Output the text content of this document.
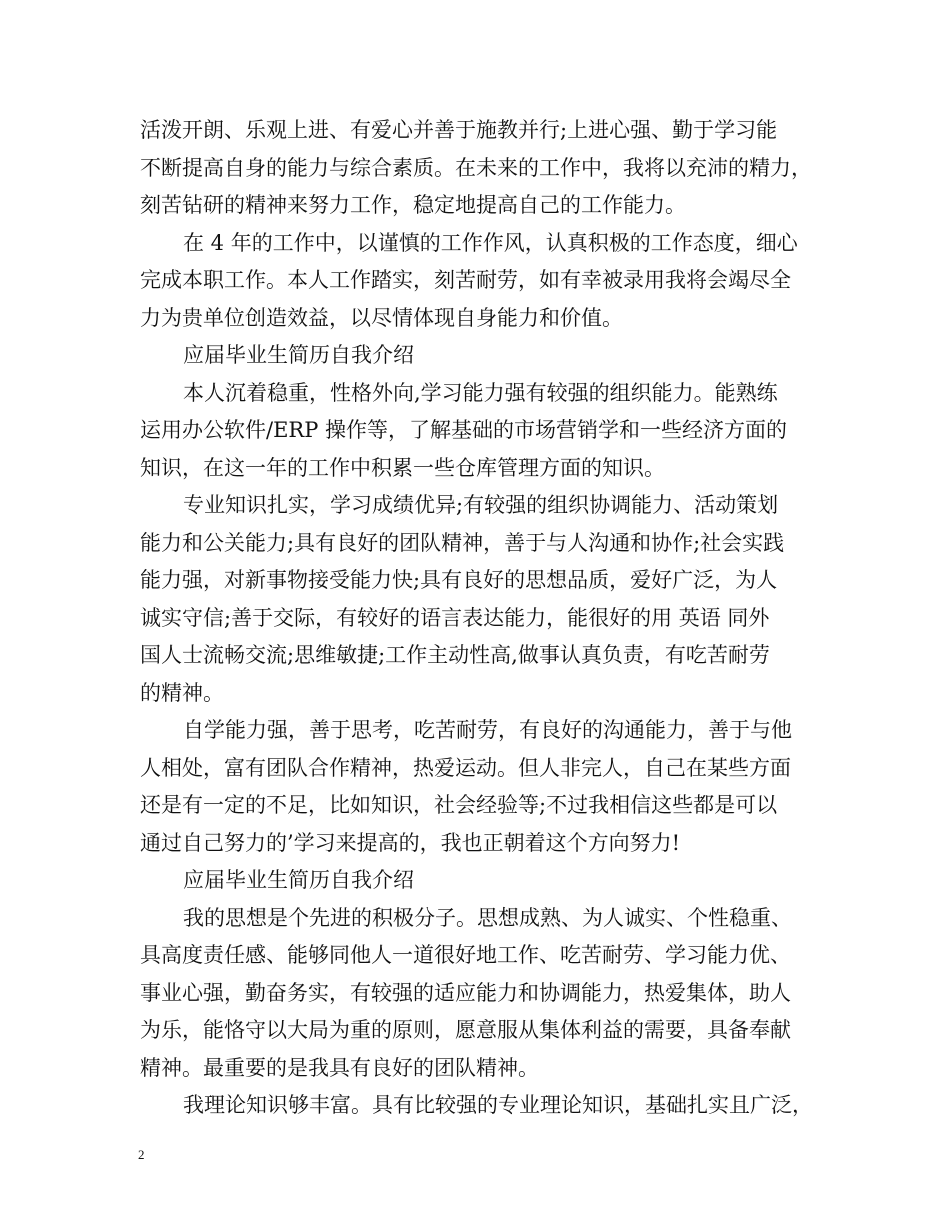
活泼开朗、乐观上进、有爱心并善于施教并行;上进心强、勤于学习能
不断提高自身的能力与综合素质。在未来的工作中，我将以充沛的精力，
刻苦钻研的精神来努力工作，稳定地提高自己的工作能力。
在 4 年的工作中，以谨慎的工作作风，认真积极的工作态度，细心
完成本职工作。本人工作踏实，刻苦耐劳，如有幸被录用我将会竭尽全
力为贵单位创造效益，以尽情体现自身能力和价值。
应届毕业生简历自我介绍
本人沉着稳重，性格外向,学习能力强有较强的组织能力。能熟练
运用办公软件/ERP 操作等，了解基础的市场营销学和一些经济方面的
知识，在这一年的工作中积累一些仓库管理方面的知识。
专业知识扎实，学习成绩优异;有较强的组织协调能力、活动策划
能力和公关能力;具有良好的团队精神，善于与人沟通和协作;社会实践
能力强，对新事物接受能力快;具有良好的思想品质，爱好广泛，为人
诚实守信;善于交际，有较好的语言表达能力，能很好的用 英语 同外
国人士流畅交流;思维敏捷;工作主动性高,做事认真负责，有吃苦耐劳
的精神。
自学能力强，善于思考，吃苦耐劳，有良好的沟通能力，善于与他
人相处，富有团队合作精神，热爱运动。但人非完人，自己在某些方面
还是有一定的不足，比如知识，社会经验等;不过我相信这些都是可以
通过自己努力的’学习来提高的，我也正朝着这个方向努力!
应届毕业生简历自我介绍
我的思想是个先进的积极分子。思想成熟、为人诚实、个性稳重、
具高度责任感、能够同他人一道很好地工作、吃苦耐劳、学习能力优、
事业心强，勤奋务实，有较强的适应能力和协调能力，热爱集体，助人
为乐，能恪守以大局为重的原则，愿意服从集体利益的需要，具备奉献
精神。最重要的是我具有良好的团队精神。
我理论知识够丰富。具有比较强的专业理论知识，基础扎实且广泛，
2
